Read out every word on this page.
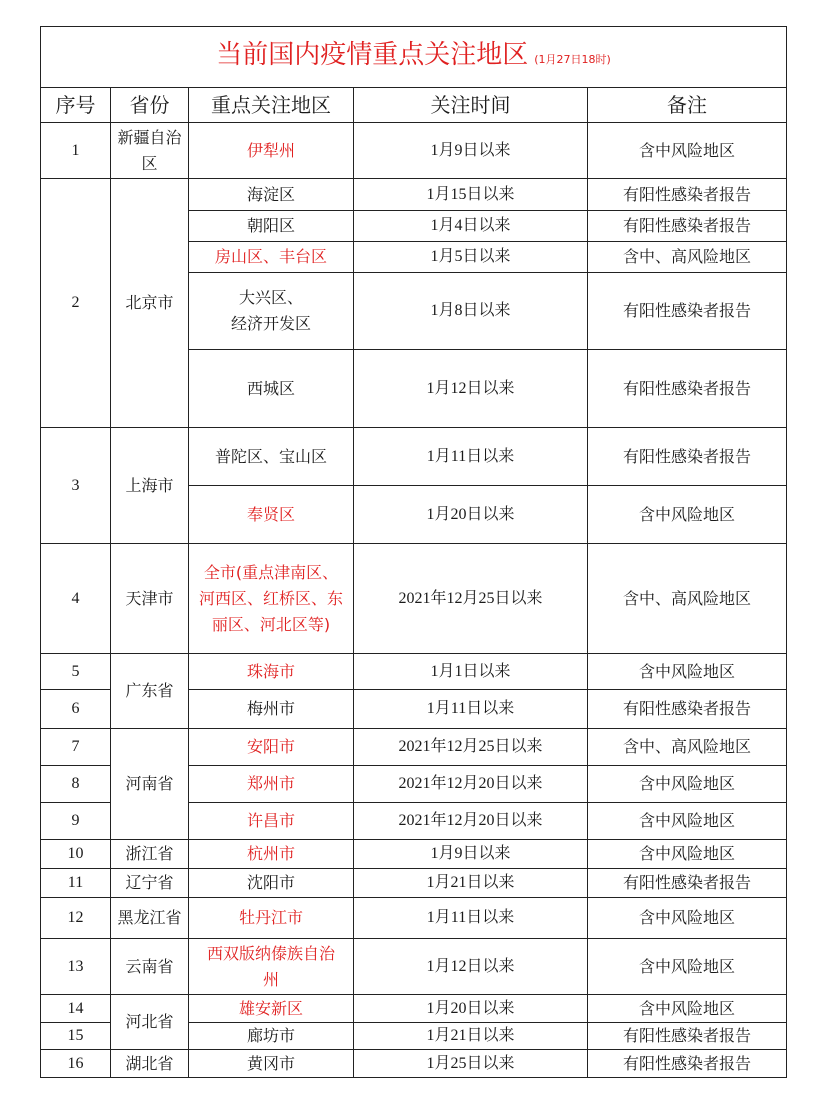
当前国内疫情重点关注地区 (1月27日18时)				
序号	省份	重点关注地区	关注时间	备注
1	新疆自治区	伊犁州	1月9日以来	含中风险地区
2	北京市	海淀区	1月15日以来	有阳性感染者报告
		朝阳区	1月4日以来	有阳性感染者报告
		房山区、丰台区	1月5日以来	含中、高风险地区

		大兴区、
经济开发区	1月8日以来	有阳性感染者报告
		西城区	1月12日以来	有阳性感染者报告
3	上海市	普陀区、宝山区	1月11日以来	有阳性感染者报告
		奉贤区	1月20日以来	含中风险地区
4	天津市	全市(重点津南区、
河西区、红桥区、东
丽区、河北区等)	2021年12月25日以来	含中、高风险地区
5	广东省	珠海市	1月1日以来	含中风险地区
6		梅州市	1月11日以来	有阳性感染者报告
7	河南省	安阳市	2021年12月25日以来	含中、高风险地区
8		郑州市	2021年12月20日以来	含中风险地区
9		许昌市	2021年12月20日以来	含中风险地区
10	浙江省	杭州市	1月9日以来	含中风险地区
11	辽宁省	沈阳市	1月21日以来	有阳性感染者报告
12	黑龙江省	牡丹江市	1月11日以来	含中风险地区
13	云南省	西双版纳傣族自治
州	1月12日以来	含中风险地区
14	河北省	雄安新区	1月20日以来	含中风险地区
15		廊坊市	1月21日以来	有阳性感染者报告
16	湖北省	黄冈市	1月25日以来	有阳性感染者报告
